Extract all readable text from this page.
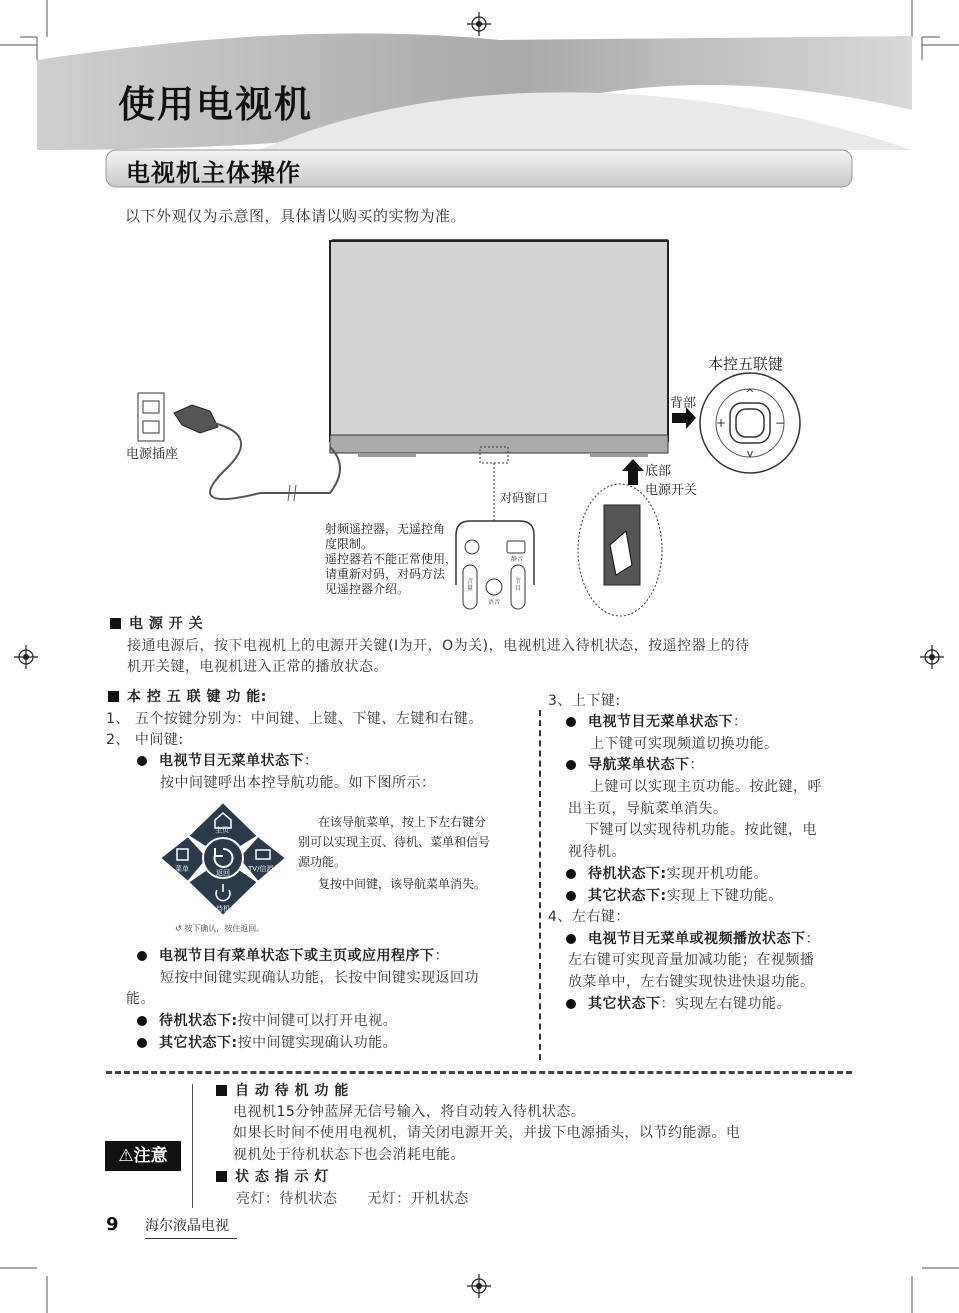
使用电视机
电视机主体操作
以下外观仅为示意图，具体请以购买的实物为准。
^
v
+	−
电源插座
本控五联键
背部
底部
电源开关
对码窗口
射频遥控器，无遥控角
度限制。
遥控器若不能正常使用，
请重新对码，对码方法
见遥控器介绍。
静音
音量
语音
节目
电 源 开 关
接通电源后，按下电视机上的电源开关键(I为开，O为关)，电视机进入待机状态，按遥控器上的待
机开关键，电视机进入正常的播放状态。
本 控 五 联 键 功 能:
1、 五个按键分别为：中间键、上键、下键、左键和右键。
2、 中间键:
电视节目无菜单状态下：
按中间键呼出本控导航功能。如下图所示：
主页
菜单	返回	TV/信源
待机
↺ 按下确认，按住返回。
在该导航菜单，按上下左右键分
别可以实现主页、待机、菜单和信号
源功能。
复按中间键，该导航菜单消失。
电视节目有菜单状态下或主页或应用程序下：
短按中间键实现确认功能，长按中间键实现返回功
能。
待机状态下:按中间键可以打开电视。
其它状态下:按中间键实现确认功能。
3、上下键:
电视节目无菜单状态下：
上下键可实现频道切换功能。
导航菜单状态下：
上键可以实现主页功能。按此键，呼
出主页，导航菜单消失。
下键可以实现待机功能。按此键，电
视待机。
待机状态下:实现开机功能。
其它状态下:实现上下键功能。
4、左右键：
电视节目无菜单或视频播放状态下：
左右键可实现音量加减功能；在视频播
放菜单中，左右键实现快进快退功能。
其它状态下：实现左右键功能。
⚠注意
自 动 待 机 功 能
电视机15分钟蓝屏无信号输入，将自动转入待机状态。
如果长时间不使用电视机，请关闭电源开关，并拔下电源插头，以节约能源。电
视机处于待机状态下也会消耗电能。
状 态 指 示 灯
亮灯：待机状态      无灯：开机状态
9 海尔液晶电视
